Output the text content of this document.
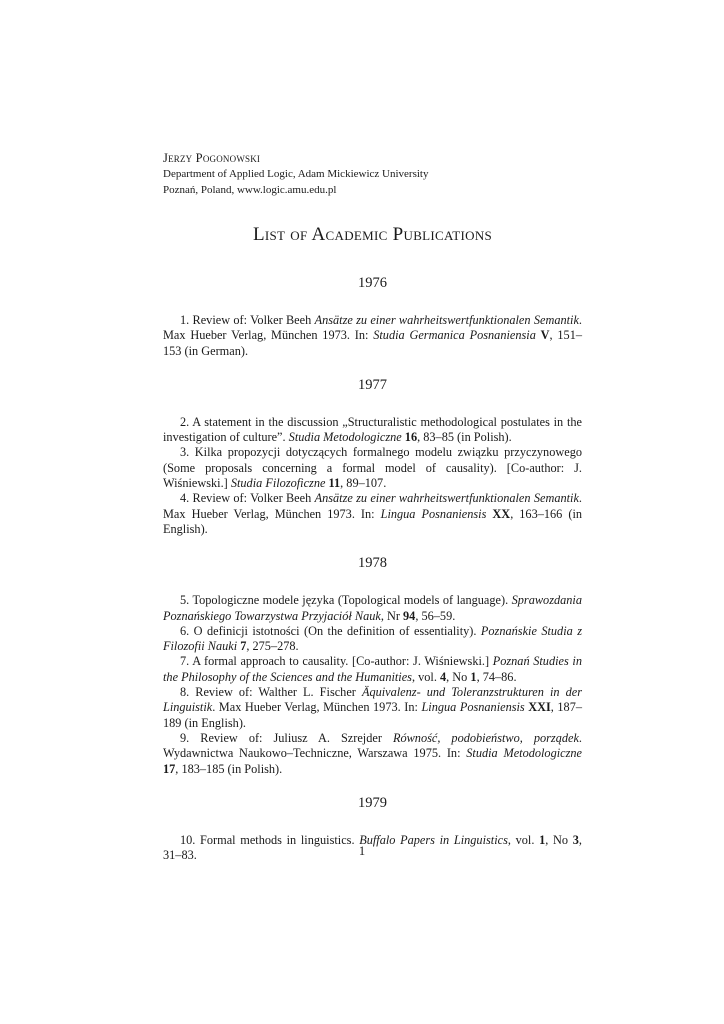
Jerzy Pogonowski
Department of Applied Logic, Adam Mickiewicz University
Poznań, Poland, www.logic.amu.edu.pl
List of Academic Publications
1976

1. Review of: Volker Beeh Ansätze zu einer wahrheitswertfunktionalen Semantik. Max Hueber Verlag, München 1973. In: Studia Germanica Posnaniensia V, 151–153 (in German).

1977

2. A statement in the discussion „Structuralistic methodological postulates in the investigation of culture”. Studia Metodologiczne 16, 83–85 (in Polish).

3. Kilka propozycji dotyczących formalnego modelu związku przyczynowego (Some proposals concerning a formal model of causality). [Co-author: J. Wiśniewski.] Studia Filozoficzne 11, 89–107.

4. Review of: Volker Beeh Ansätze zu einer wahrheitswertfunktionalen Semantik. Max Hueber Verlag, München 1973. In: Lingua Posnaniensis XX, 163–166 (in English).

1978

5. Topologiczne modele języka (Topological models of language). Sprawozdania Poznańskiego Towarzystwa Przyjaciół Nauk, Nr 94, 56–59.

6. O definicji istotności (On the definition of essentiality). Poznańskie Studia z Filozofii Nauki 7, 275–278.

7. A formal approach to causality. [Co-author: J. Wiśniewski.] Poznań Studies in the Philosophy of the Sciences and the Humanities, vol. 4, No 1, 74–86.

8. Review of: Walther L. Fischer Äquivalenz- und Toleranzstrukturen in der Linguistik. Max Hueber Verlag, München 1973. In: Lingua Posnaniensis XXI, 187–189 (in English).

9. Review of: Juliusz A. Szrejder Równość, podobieństwo, porządek. Wydawnictwa Naukowo–Techniczne, Warszawa 1975. In: Studia Metodologiczne 17, 183–185 (in Polish).

1979

10. Formal methods in linguistics. Buffalo Papers in Linguistics, vol. 1, No 3, 31–83.	1
